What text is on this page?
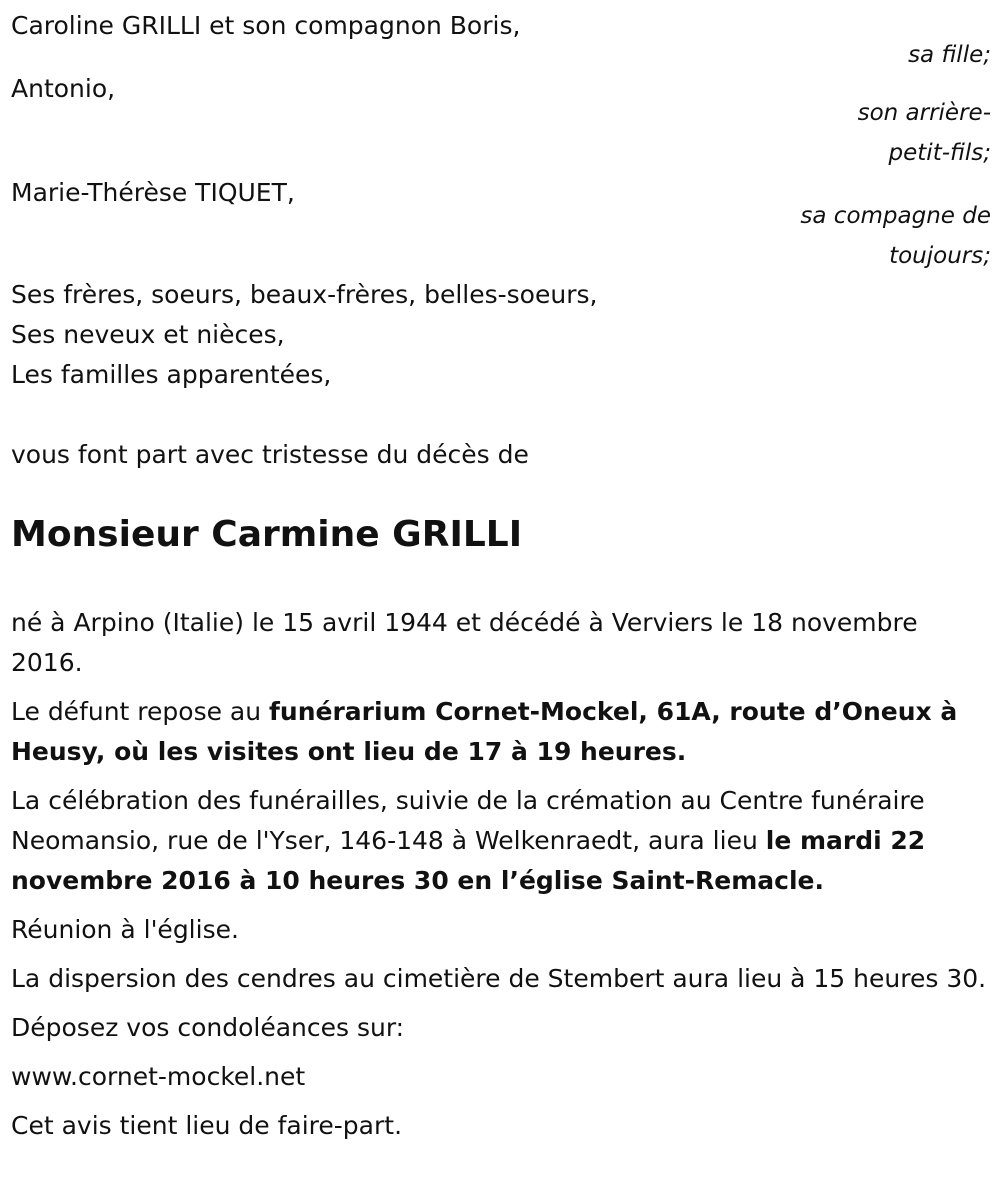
Caroline GRILLI et son compagnon Boris,
sa fille;
Antonio,
son arrière-
petit-fils;
Marie-Thérèse TIQUET,
sa compagne de
toujours;
Ses frères, soeurs, beaux-frères, belles-soeurs,
Ses neveux et nièces,
Les familles apparentées,
vous font part avec tristesse du décès de
Monsieur Carmine GRILLI

né à Arpino (Italie) le 15 avril 1944 et décédé à Verviers le 18 novembre 2016.

Le défunt repose au funérarium Cornet-Mockel, 61A, route d’Oneux à Heusy, où les visites ont lieu de 17 à 19 heures.

La célébration des funérailles, suivie de la crémation au Centre funéraire Neomansio, rue de l'Yser, 146-148 à Welkenraedt, aura lieu le mardi 22 novembre 2016 à 10 heures 30 en l’église Saint-Remacle.

Réunion à l'église.

La dispersion des cendres au cimetière de Stembert aura lieu à 15 heures 30.

Déposez vos condoléances sur:

www.cornet-mockel.net

Cet avis tient lieu de faire-part.
